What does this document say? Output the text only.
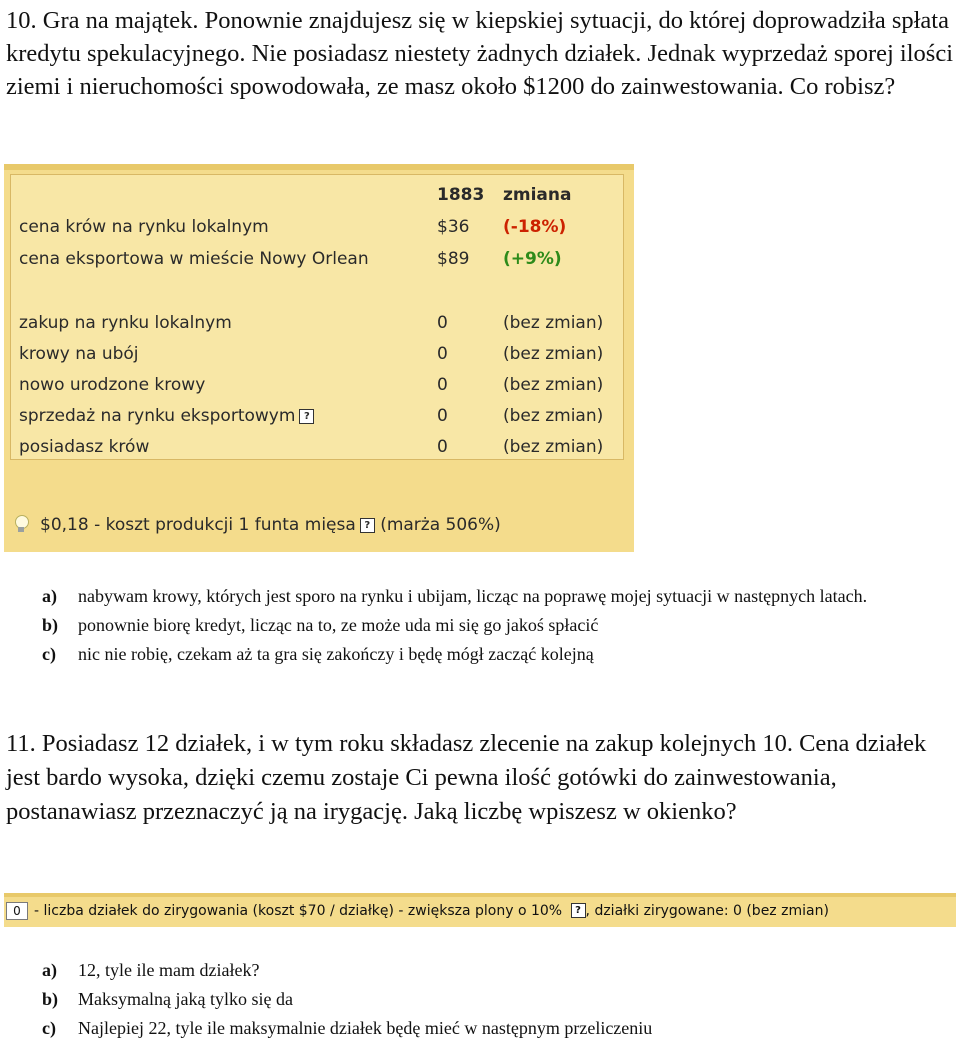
10. Gra na majątek. Ponownie znajdujesz się w kiepskiej sytuacji, do której doprowadziła spłata kredytu spekulacyjnego. Nie posiadasz niestety żadnych działek. Jednak wyprzedaż sporej ilości ziemi i nieruchomości spowodowała, ze masz około $1200 do zainwestowania. Co robisz?
1883 zmiana
cena krów na rynku lokalnym	$36 (-18%)
cena eksportowa w mieście Nowy Orlean	$89 (+9%)
zakup na rynku lokalnym	0	(bez zmian)
krowy na ubój	0	(bez zmian)
nowo urodzone krowy	0	(bez zmian)
sprzedaż na rynku eksportowym ?	0	(bez zmian)
posiadasz krów	0	(bez zmian)
$0,18 - koszt produkcji 1 funta mięsa ? (marża 506%)
a) nabywam krowy, których jest sporo na rynku i ubijam, licząc na poprawę mojej sytuacji w następnych latach.
b) ponownie biorę kredyt, licząc na to, ze może uda mi się go jakoś spłacić
c) nic nie robię, czekam aż ta gra się zakończy i będę mógł zacząć kolejną
11. Posiadasz 12 działek, i w tym roku składasz zlecenie na zakup kolejnych 10. Cena działek jest bardo wysoka, dzięki czemu zostaje Ci pewna ilość gotówki do zainwestowania, postanawiasz przeznaczyć ją na irygację. Jaką liczbę wpiszesz w okienko?
0 - liczba działek do zirygowania (koszt $70 / działkę) - zwiększa plony o 10% ? , działki zirygowane: 0 (bez zmian)
a) 12, tyle ile mam działek?
b) Maksymalną jaką tylko się da
c) Najlepiej 22, tyle ile maksymalnie działek będę mieć w następnym przeliczeniu
